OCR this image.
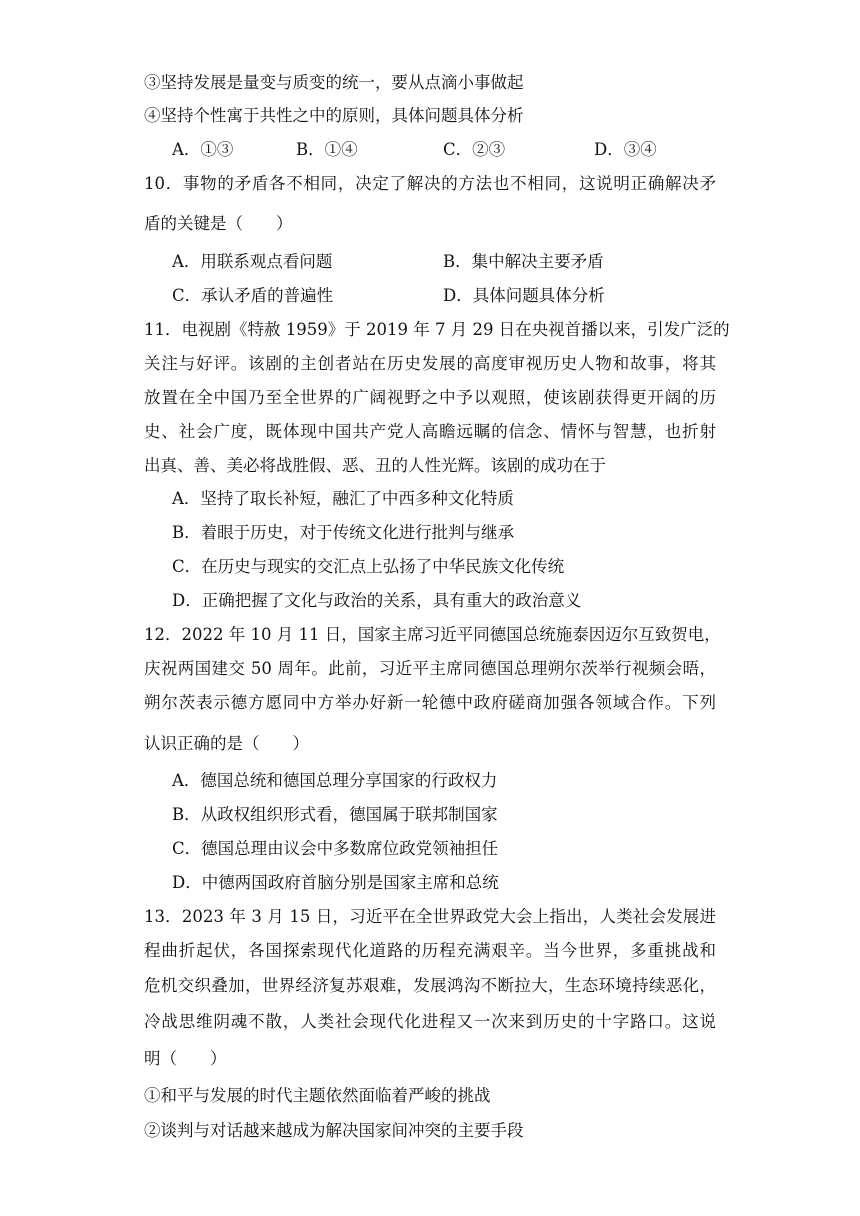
③坚持发展是量变与质变的统一，要从点滴小事做起
④坚持个性寓于共性之中的原则，具体问题具体分析
A．①③	B．①④	C．②③	D．③④
10．事物的矛盾各不相同，决定了解决的方法也不相同，这说明正确解决矛
盾的关键是（　　）
A．用联系观点看问题	B．集中解决主要矛盾
C．承认矛盾的普遍性	D．具体问题具体分析
11．电视剧《特赦 1959》于 2019 年 7 月 29 日在央视首播以来，引发广泛的
关注与好评。该剧的主创者站在历史发展的高度审视历史人物和故事，将其
放置在全中国乃至全世界的广阔视野之中予以观照，使该剧获得更开阔的历
史、社会广度，既体现中国共产党人高瞻远瞩的信念、情怀与智慧，也折射
出真、善、美必将战胜假、恶、丑的人性光辉。该剧的成功在于
A．坚持了取长补短，融汇了中西多种文化特质
B．着眼于历史，对于传统文化进行批判与继承
C．在历史与现实的交汇点上弘扬了中华民族文化传统
D．正确把握了文化与政治的关系，具有重大的政治意义
12．2022 年 10 月 11 日，国家主席习近平同德国总统施泰因迈尔互致贺电，
庆祝两国建交 50 周年。此前，习近平主席同德国总理朔尔茨举行视频会晤，
朔尔茨表示德方愿同中方举办好新一轮德中政府磋商加强各领域合作。下列
认识正确的是（　　）
A．德国总统和德国总理分享国家的行政权力
B．从政权组织形式看，德国属于联邦制国家
C．德国总理由议会中多数席位政党领袖担任
D．中德两国政府首脑分别是国家主席和总统
13．2023 年 3 月 15 日，习近平在全世界政党大会上指出，人类社会发展进
程曲折起伏，各国探索现代化道路的历程充满艰辛。当今世界，多重挑战和
危机交织叠加，世界经济复苏艰难，发展鸿沟不断拉大，生态环境持续恶化，
冷战思维阴魂不散，人类社会现代化进程又一次来到历史的十字路口。这说
明（　　）
①和平与发展的时代主题依然面临着严峻的挑战
②谈判与对话越来越成为解决国家间冲突的主要手段
